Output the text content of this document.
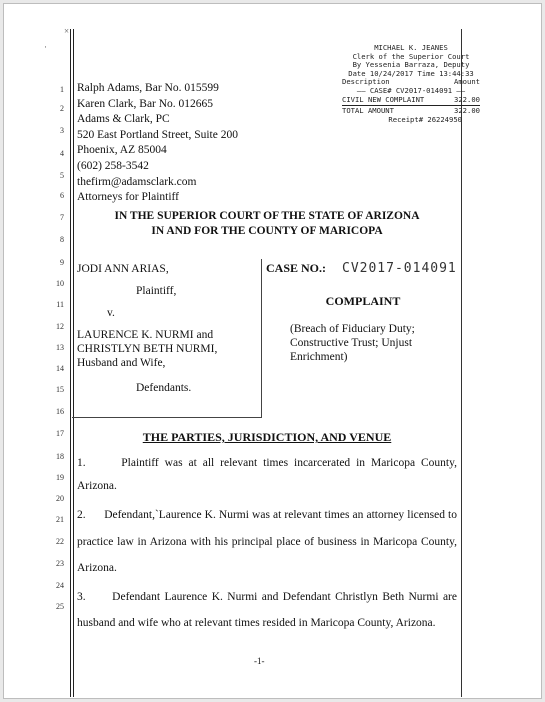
·
×
1
2
3
4
5
6
7
8
9
10
11
12
13
14
15
16
17
18
19
20
21
22
23
24
25
Ralph Adams, Bar No. 015599
Karen Clark, Bar No. 012665
Adams & Clark, PC
520 East Portland Street, Suite 200
Phoenix, AZ 85004
(602) 258-3542
thefirm@adamsclark.com
Attorneys for Plaintiff
MICHAEL K. JEANES
Clerk of the Superior Court
By Yessenia Barraza, Deputy
Date 10/24/2017 Time 13:44:33
Description	Amount
—— CASE# CV2017-014091 ——
CIVIL NEW COMPLAINT	322.00
TOTAL AMOUNT	322.00
Receipt# 26224950
IN THE SUPERIOR COURT OF THE STATE OF ARIZONA
IN AND FOR THE COUNTY OF MARICOPA
JODI ANN ARIAS,
Plaintiff,
v.
LAURENCE K. NURMI and
CHRISTLYN BETH NURMI,
Husband and Wife,
Defendants.
CASE NO.: CV2017-014091
COMPLAINT
(Breach of Fiduciary Duty; Constructive Trust; Unjust Enrichment)
THE PARTIES, JURISDICTION, AND VENUE
1.      Plaintiff was at all relevant times incarcerated in Maricopa County,
Arizona.
2.      Defendant,`Laurence K. Nurmi was at relevant times an attorney licensed to
practice law in Arizona with his principal place of business in Maricopa County,
Arizona.
3.      Defendant Laurence K. Nurmi and Defendant Christlyn Beth Nurmi are
husband and wife who at relevant times resided in Maricopa County, Arizona.
-1-
